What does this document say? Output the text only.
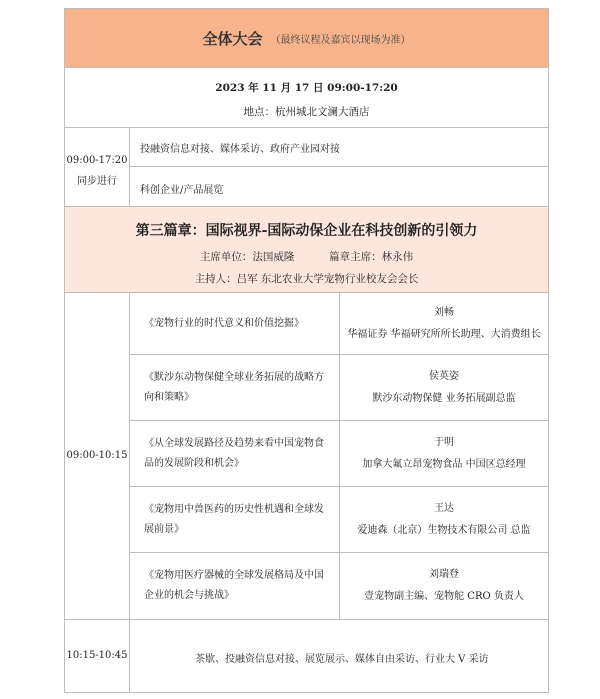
全体大会 （最终议程及嘉宾以现场为准）
2023 年 11 月 17 日 09:00-17:20
地点：杭州城北文澜大酒店
09:00-17:20
同步进行
投融资信息对接、媒体采访、政府产业园对接
科创企业/产品展览
第三篇章：国际视界-国际动保企业在科技创新的引领力
主席单位：法国威隆	篇章主席：林永伟
主持人：吕军 东北农业大学宠物行业校友会会长
09:00-10:15
《宠物行业的时代意义和价值挖掘》
刘畅
华福证券 华福研究所所长助理、大消费组长
《默沙东动物保健全球业务拓展的战略方向和策略》
侯英姿
默沙东动物保健 业务拓展副总监
《从全球发展路径及趋势来看中国宠物食品的发展阶段和机会》
于明
加拿大氟立昂宠物食品 中国区总经理
《宠物用中兽医药的历史性机遇和全球发展前景》
王达
爱迪森（北京）生物技术有限公司 总监
《宠物用医疗器械的全球发展格局及中国企业的机会与挑战》
刘瑞登
壹宠物副主编、宠物舵 CRO 负责人
10:15-10:45	茶歇、投融资信息对接、展览展示、媒体自由采访、行业大 V 采访
